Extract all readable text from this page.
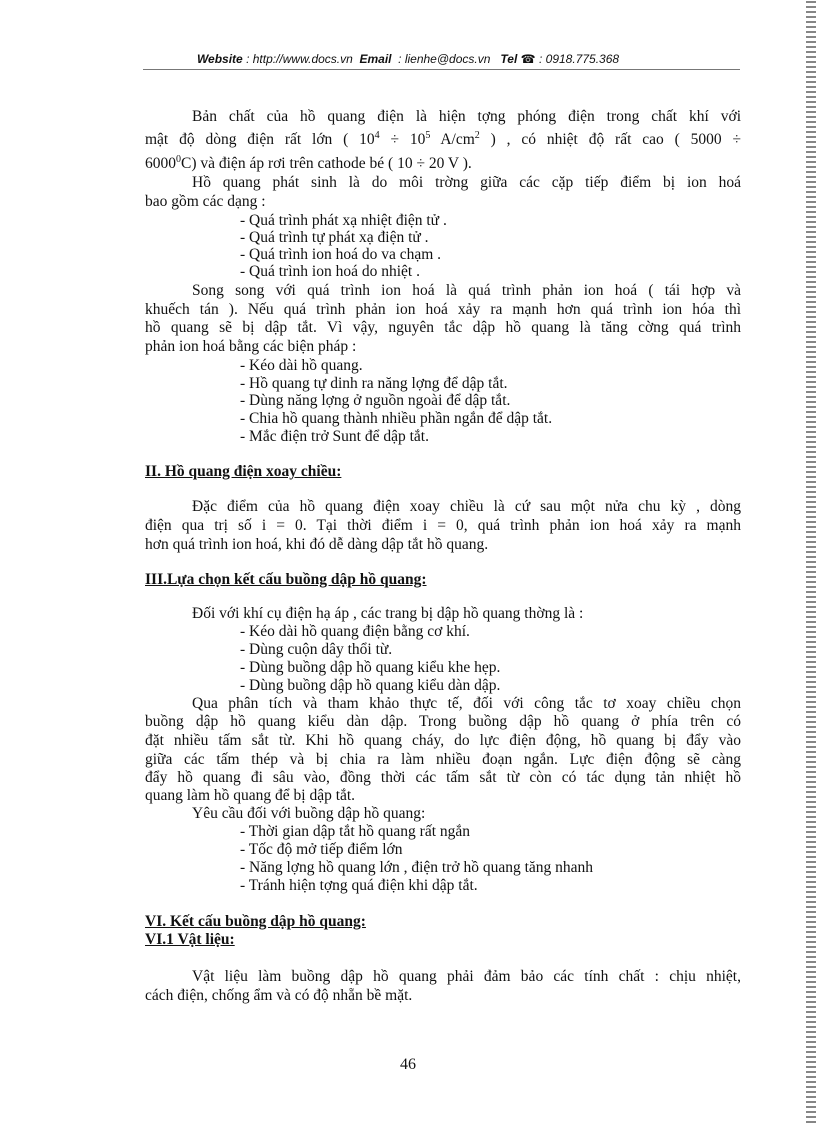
Website : http://www.docs.vn Email  : lienhe@docs.vn Tel ☎ : 0918.775.368
Bản chất của hồ quang điện là hiện tợng phóng điện trong chất khí với
mật độ dòng điện rất lớn ( $10^4 \div 10^5$ $A/cm^2$ ) , có nhiệt độ rất cao ( 5000 ÷
$6000^0C$) và điện áp rơi trên cathode bé ( 10 ÷ 20 V ).
Hồ quang phát sinh là do môi trờng giữa các cặp tiếp điểm bị ion hoá
bao gồm các dạng :
- Quá trình phát xạ nhiệt điện tử .
- Quá trình tự phát xạ điện tử .
- Quá trình ion hoá do va chạm .
- Quá trình ion hoá do nhiệt .
Song song với quá trình ion hoá là quá trình phản ion hoá ( tái hợp và
khuếch tán ). Nếu quá trình phản ion hoá xảy ra mạnh hơn quá trình ion hóa thì
hồ quang sẽ bị dập tắt. Vì vậy, nguyên tắc dập hồ quang là tăng cờng quá trình
phản ion hoá bằng các biện pháp :
- Kéo dài hồ quang.
- Hồ quang tự dinh ra năng lợng để dập tắt.
- Dùng năng lợng ở nguồn ngoài để dập tắt.
- Chia hồ quang thành nhiều phần ngắn để dập tắt.
- Mắc điện trở Sunt để dập tắt.
II. Hồ quang điện xoay chiều:
Đặc điểm của hồ quang điện xoay chiều là cứ sau một nửa chu kỳ , dòng
điện qua trị số i = 0. Tại thời điểm i = 0, quá trình phản ion hoá xảy ra mạnh
hơn quá trình ion hoá, khi đó dễ dàng dập tắt hồ quang.
III.Lựa chọn kết cấu buồng dập hồ quang:
Đối với khí cụ điện hạ áp , các trang bị dập hồ quang thờng là :
- Kéo dài hồ quang điện bằng cơ khí.
- Dùng cuộn dây thổi từ.
- Dùng buồng dập hồ quang kiểu khe hẹp.
- Dùng buồng dập hồ quang kiểu dàn dập.
Qua phân tích và tham khảo thực tế, đối với công tắc tơ xoay chiều chọn
buồng dập hồ quang kiểu dàn dập. Trong buồng dập hồ quang ở phía trên có
đặt nhiều tấm sắt từ. Khi hồ quang cháy, do lực điện động, hồ quang bị đẩy vào
giữa các tấm thép và bị chia ra làm nhiều đoạn ngắn. Lực điện động sẽ càng
đẩy hồ quang đi sâu vào, đồng thời các tấm sắt từ còn có tác dụng tản nhiệt hồ
quang làm hồ quang để bị dập tắt.
Yêu cầu đối với buồng dập hồ quang:
- Thời gian dập tắt hồ quang rất ngắn
- Tốc độ mở tiếp điểm lớn
- Năng lợng hồ quang lớn , điện trở hồ quang tăng nhanh
- Tránh hiện tợng quá điện khi dập tắt.
VI. Kết cấu buồng dập hồ quang:
VI.1 Vật liệu:
Vật liệu làm buồng dập hồ quang phải đảm bảo các tính chất : chịu nhiệt,
cách điện, chống ẩm và có độ nhẵn bề mặt.
46
